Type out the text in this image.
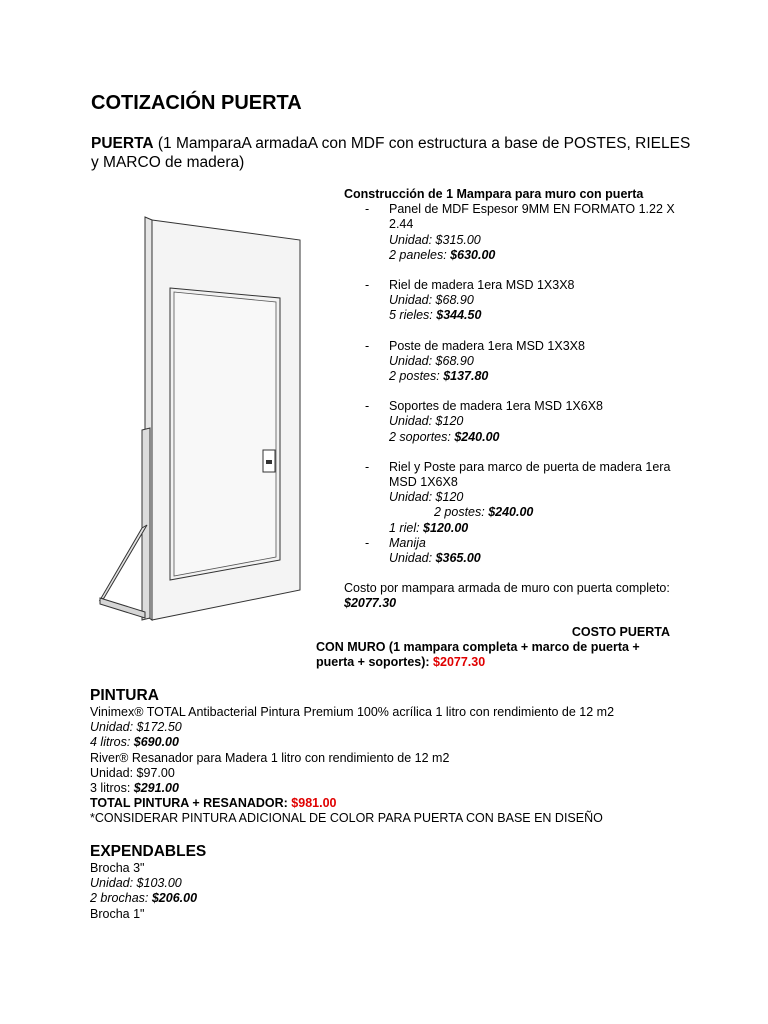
COTIZACIÓN PUERTA
PUERTA (1 MamparaA armadaA con MDF con estructura a base de POSTES, RIELES y MARCO de madera)
Construcción de 1 Mampara para muro con puerta
- Panel de MDF Espesor 9MM EN FORMATO 1.22 X 2.44
Unidad: $315.00
2 paneles: $630.00
- Riel de madera 1era MSD 1X3X8
Unidad: $68.90
5 rieles: $344.50
- Poste de madera 1era MSD 1X3X8
Unidad: $68.90
2 postes: $137.80
- Soportes de madera 1era MSD 1X6X8
Unidad: $120
2 soportes: $240.00
- Riel y Poste para marco de puerta de madera 1era MSD 1X6X8
Unidad: $120
2 postes: $240.00
1 riel: $120.00
- Manija
Unidad: $365.00
Costo por mampara armada de muro con puerta completo:
$2077.30
COSTO PUERTA
CON MURO (1 mampara completa + marco de puerta + puerta + soportes): $2077.30
PINTURA
Vinimex® TOTAL Antibacterial Pintura Premium 100% acrílica 1 litro con rendimiento de 12 m2
Unidad: $172.50
4 litros: $690.00
River® Resanador para Madera 1 litro con rendimiento de 12 m2
Unidad: $97.00
3 litros: $291.00
TOTAL PINTURA + RESANADOR: $981.00
*CONSIDERAR PINTURA ADICIONAL DE COLOR PARA PUERTA CON BASE EN DISEÑO
EXPENDABLES
Brocha 3"
Unidad: $103.00
2 brochas: $206.00
Brocha 1"
